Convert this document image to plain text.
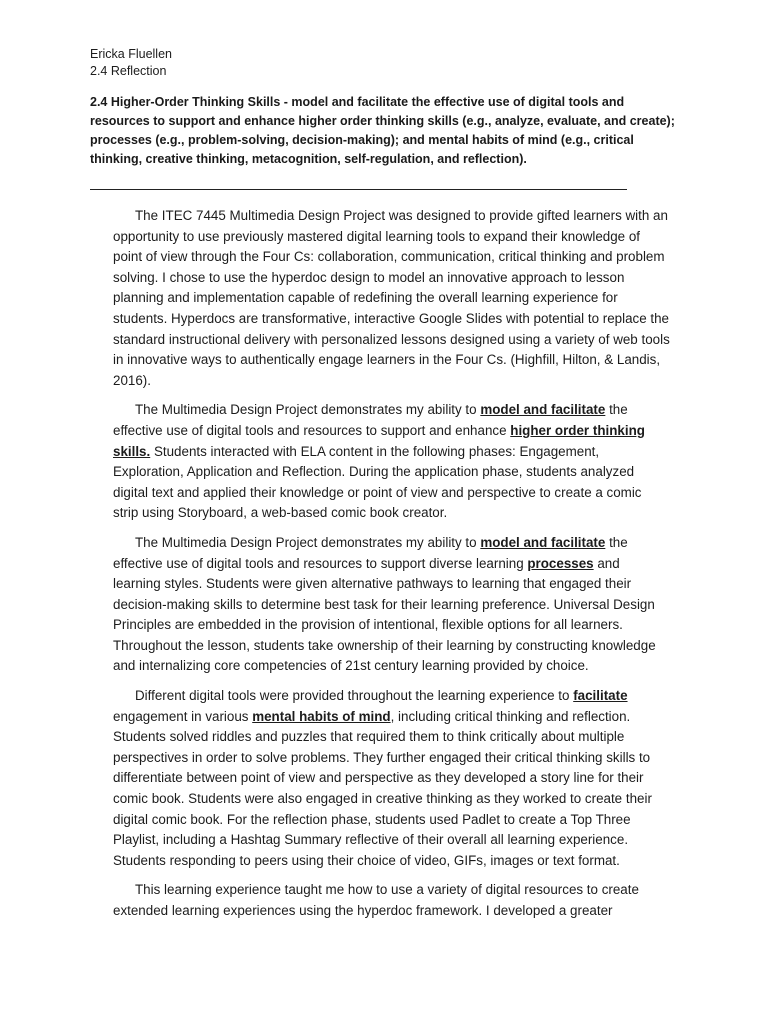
Ericka Fluellen
2.4 Reflection
2.4 Higher-Order Thinking Skills - model and facilitate the effective use of digital tools and resources to support and enhance higher order thinking skills (e.g., analyze, evaluate, and create); processes (e.g., problem-solving, decision-making); and mental habits of mind (e.g., critical thinking, creative thinking, metacognition, self-regulation, and reflection).

The ITEC 7445 Multimedia Design Project was designed to provide gifted learners with an opportunity to use previously mastered digital learning tools to expand their knowledge of point of view through the Four Cs: collaboration, communication, critical thinking and problem solving. I chose to use the hyperdoc design to model an innovative approach to lesson planning and implementation capable of redefining the overall learning experience for students. Hyperdocs are transformative, interactive Google Slides with potential to replace the standard instructional delivery with personalized lessons designed using a variety of web tools in innovative ways to authentically engage learners in the Four Cs. (Highfill, Hilton, & Landis, 2016).

The Multimedia Design Project demonstrates my ability to model and facilitate the effective use of digital tools and resources to support and enhance higher order thinking skills. Students interacted with ELA content in the following phases: Engagement, Exploration, Application and Reflection. During the application phase, students analyzed digital text and applied their knowledge or point of view and perspective to create a comic strip using Storyboard, a web-based comic book creator.

The Multimedia Design Project demonstrates my ability to model and facilitate the effective use of digital tools and resources to support diverse learning processes and learning styles. Students were given alternative pathways to learning that engaged their decision-making skills to determine best task for their learning preference. Universal Design Principles are embedded in the provision of intentional, flexible options for all learners. Throughout the lesson, students take ownership of their learning by constructing knowledge and internalizing core competencies of 21st century learning provided by choice.

Different digital tools were provided throughout the learning experience to facilitate engagement in various mental habits of mind, including critical thinking and reflection. Students solved riddles and puzzles that required them to think critically about multiple perspectives in order to solve problems. They further engaged their critical thinking skills to differentiate between point of view and perspective as they developed a story line for their comic book. Students were also engaged in creative thinking as they worked to create their digital comic book. For the reflection phase, students used Padlet to create a Top Three Playlist, including a Hashtag Summary reflective of their overall all learning experience. Students responding to peers using their choice of video, GIFs, images or text format.

This learning experience taught me how to use a variety of digital resources to create extended learning experiences using the hyperdoc framework. I developed a greater
